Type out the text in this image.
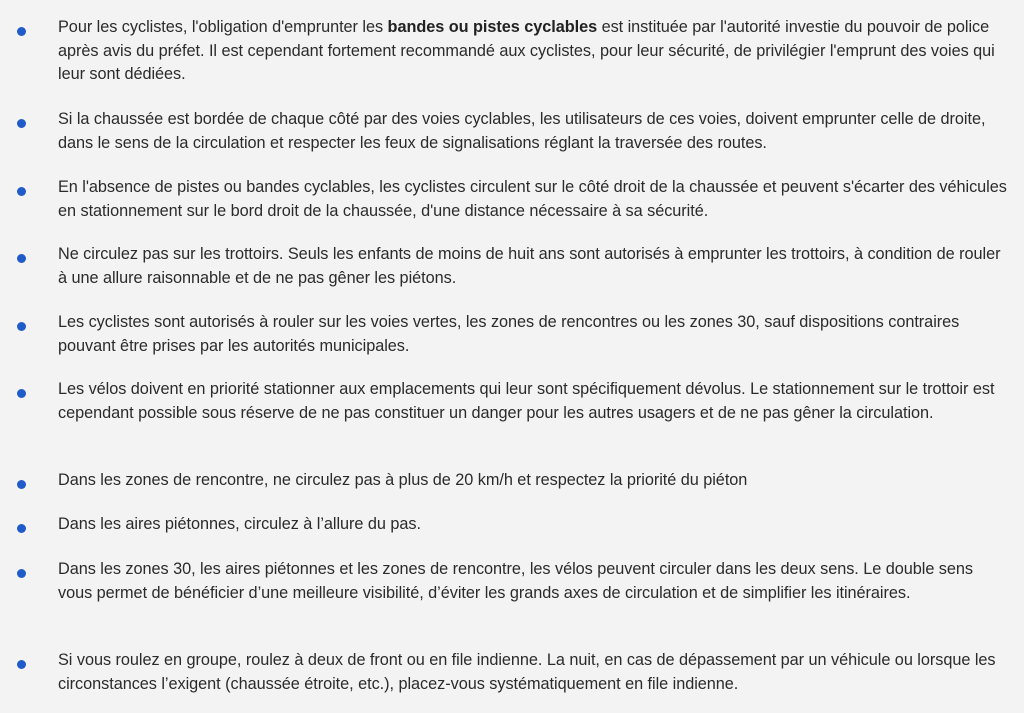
Pour les cyclistes, l'obligation d'emprunter les bandes ou pistes cyclables est instituée par l'autorité investie du pouvoir de police après avis du préfet. Il est cependant fortement recommandé aux cyclistes, pour leur sécurité, de privilégier l'emprunt des voies qui leur sont dédiées.
Si la chaussée est bordée de chaque côté par des voies cyclables, les utilisateurs de ces voies, doivent emprunter celle de droite, dans le sens de la circulation et respecter les feux de signalisations réglant la traversée des routes.
En l'absence de pistes ou bandes cyclables, les cyclistes circulent sur le côté droit de la chaussée et peuvent s'écarter des véhicules en stationnement sur le bord droit de la chaussée, d'une distance nécessaire à sa sécurité.
Ne circulez pas sur les trottoirs. Seuls les enfants de moins de huit ans sont autorisés à emprunter les trottoirs, à condition de rouler à une allure raisonnable et de ne pas gêner les piétons.
Les cyclistes sont autorisés à rouler sur les voies vertes, les zones de rencontres ou les zones 30, sauf dispositions contraires pouvant être prises par les autorités municipales.
Les vélos doivent en priorité stationner aux emplacements qui leur sont spécifiquement dévolus. Le stationnement sur le trottoir est cependant possible sous réserve de ne pas constituer un danger pour les autres usagers et de ne pas gêner la circulation.
Dans les zones de rencontre, ne circulez pas à plus de 20 km/h et respectez la priorité du piéton
Dans les aires piétonnes, circulez à l’allure du pas.
Dans les zones 30, les aires piétonnes et les zones de rencontre, les vélos peuvent circuler dans les deux sens. Le double sens vous permet de bénéficier d’une meilleure visibilité, d’éviter les grands axes de circulation et de simplifier les itinéraires.
Si vous roulez en groupe, roulez à deux de front ou en file indienne. La nuit, en cas de dépassement par un véhicule ou lorsque les circonstances l’exigent (chaussée étroite, etc.), placez-vous systématiquement en file indienne.
